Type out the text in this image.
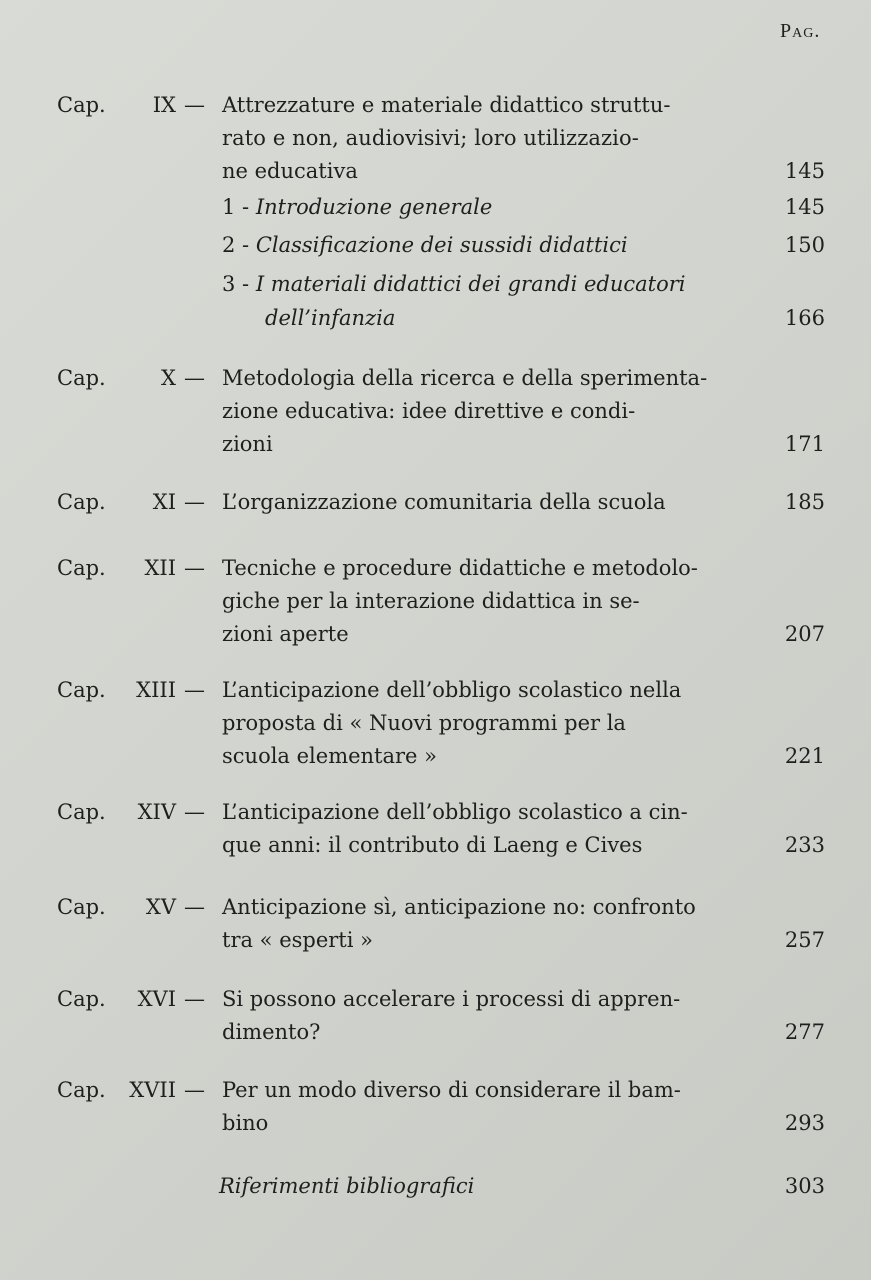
Pag.
Cap.	IX — Attrezzature e materiale didattico struttu-
rato e non, audiovisivi; loro utilizzazio-
ne educativa	145
1 - Introduzione generale	145
2 - Classificazione dei sussidi didattici	150
3 - I materiali didattici dei grandi educatori
dell’infanzia	166
Cap.	X — Metodologia della ricerca e della sperimenta-
zione educativa: idee direttive e condi-
zioni	171
Cap.	XI — L’organizzazione comunitaria della scuola	185
Cap.	XII — Tecniche e procedure didattiche e metodolo-
giche per la interazione didattica in se-
zioni aperte	207
Cap.	XIII — L’anticipazione dell’obbligo scolastico nella
proposta di « Nuovi programmi per la
scuola elementare »	221
Cap.	XIV — L’anticipazione dell’obbligo scolastico a cin-
que anni: il contributo di Laeng e Cives	233
Cap.	XV — Anticipazione sì, anticipazione no: confronto
tra « esperti »	257
Cap.	XVI — Si possono accelerare i processi di appren-
dimento?	277
Cap.	XVII — Per un modo diverso di considerare il bam-
bino	293
Riferimenti bibliografici	303
